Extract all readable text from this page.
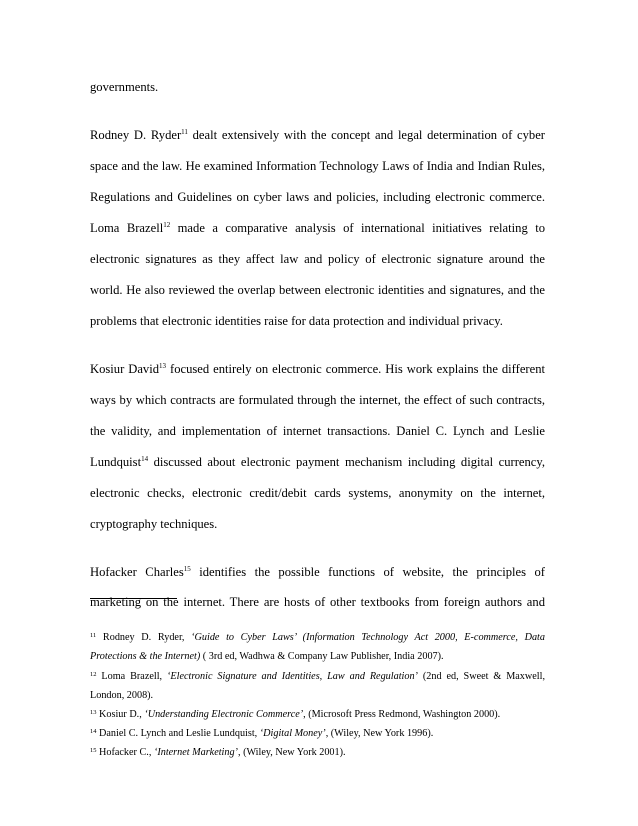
governments.

Rodney D. Ryder$^{11}$ dealt extensively with the concept and legal determination of cyber

space and the law. He examined Information Technology Laws of India and Indian Rules,

Regulations and Guidelines on cyber laws and policies, including electronic commerce.

Loma Brazell$^{12}$ made a comparative analysis of international initiatives relating to

electronic signatures as they affect law and policy of electronic signature around the

world. He also reviewed the overlap between electronic identities and signatures, and the

problems that electronic identities raise for data protection and individual privacy.

Kosiur David$^{13}$ focused entirely on electronic commerce. His work explains the different

ways by which contracts are formulated through the internet, the effect of such contracts,

the validity, and implementation of internet transactions. Daniel C. Lynch and Leslie

Lundquist$^{14}$ discussed about electronic payment mechanism including digital currency,

electronic checks, electronic credit/debit cards systems, anonymity on the internet,

cryptography techniques.

Hofacker Charles$^{15}$ identifies the possible functions of website, the principles of

marketing on the internet. There are hosts of other textbooks from foreign authors and

$^{11}$ Rodney D. Ryder, ‘Guide to Cyber Laws’ (Information Technology Act 2000, E-commerce, Data

Protections & the Internet) ( 3rd ed, Wadhwa & Company Law Publisher, India 2007).

$^{12}$ Loma Brazell, ‘Electronic Signature and Identities, Law and Regulation’ (2nd ed, Sweet & Maxwell,

London, 2008).

$^{13}$ Kosiur D., ‘Understanding Electronic Commerce’, (Microsoft Press Redmond, Washington 2000).

$^{14}$ Daniel C. Lynch and Leslie Lundquist, ‘Digital Money’, (Wiley, New York 1996).

$^{15}$ Hofacker C., ‘Internet Marketing’, (Wiley, New York 2001).
